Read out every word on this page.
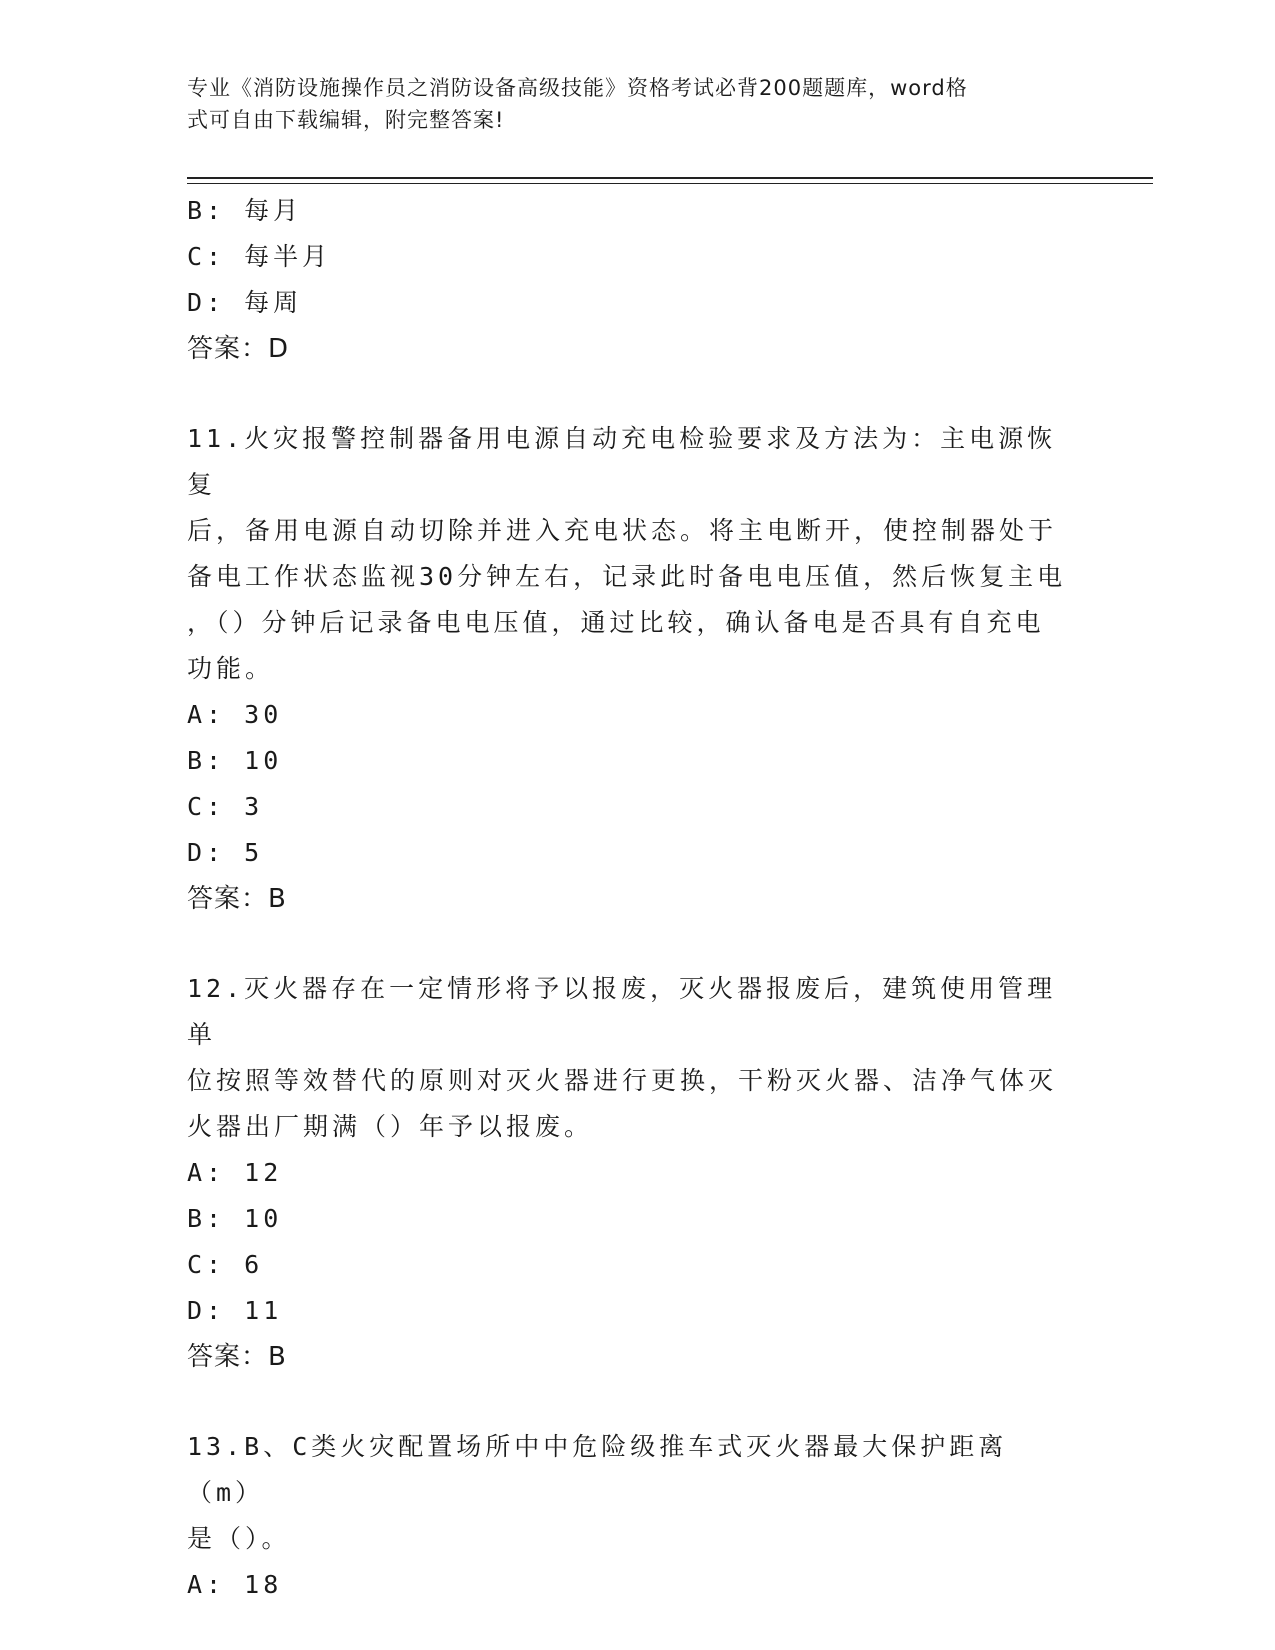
专业《消防设施操作员之消防设备高级技能》资格考试必背200题题库，word格
式可自由下载编辑，附完整答案!
B: 每月
C: 每半月
D: 每周
答案：D
11.火灾报警控制器备用电源自动充电检验要求及方法为：主电源恢复
后，备用电源自动切除并进入充电状态。将主电断开，使控制器处于
备电工作状态监视30分钟左右，记录此时备电电压值，然后恢复主电
，（）分钟后记录备电电压值，通过比较，确认备电是否具有自充电
功能。
A: 30
B: 10
C: 3
D: 5
答案：B
12.灭火器存在一定情形将予以报废，灭火器报废后，建筑使用管理单
位按照等效替代的原则对灭火器进行更换，干粉灭火器、洁净气体灭
火器出厂期满（）年予以报废。
A: 12
B: 10
C: 6
D: 11
答案：B
13.B、C类火灾配置场所中中危险级推车式灭火器最大保护距离（m）
是（）。
A: 18
